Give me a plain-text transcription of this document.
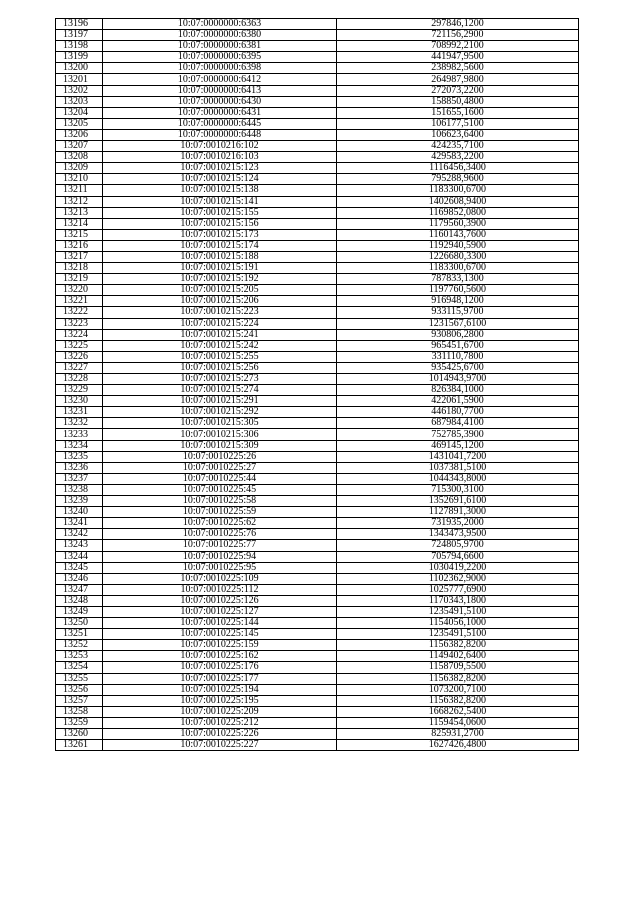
13196	10:07:0000000:6363	297846,1200
13197	10:07:0000000:6380	721156,2900
13198	10:07:0000000:6381	708992,2100
13199	10:07:0000000:6395	441947,9500
13200	10:07:0000000:6398	238982,5600
13201	10:07:0000000:6412	264987,9800
13202	10:07:0000000:6413	272073,2200
13203	10:07:0000000:6430	158850,4800
13204	10:07:0000000:6431	151655,1600
13205	10:07:0000000:6445	106177,5100
13206	10:07:0000000:6448	106623,6400
13207	10:07:0010216:102	424235,7100
13208	10:07:0010216:103	429583,2200
13209	10:07:0010215:123	1116456,3400
13210	10:07:0010215:124	795288,9600
13211	10:07:0010215:138	1183300,6700
13212	10:07:0010215:141	1402608,9400
13213	10:07:0010215:155	1169852,0800
13214	10:07:0010215:156	1179560,3900
13215	10:07:0010215:173	1160143,7600
13216	10:07:0010215:174	1192940,5900
13217	10:07:0010215:188	1226680,3300
13218	10:07:0010215:191	1183300,6700
13219	10:07:0010215:192	787833,1300
13220	10:07:0010215:205	1197760,5600
13221	10:07:0010215:206	916948,1200
13222	10:07:0010215:223	933115,9700
13223	10:07:0010215:224	1231567,6100
13224	10:07:0010215:241	930806,2800
13225	10:07:0010215:242	965451,6700
13226	10:07:0010215:255	331110,7800
13227	10:07:0010215:256	935425,6700
13228	10:07:0010215:273	1014943,9700
13229	10:07:0010215:274	826384,1000
13230	10:07:0010215:291	422061,5900
13231	10:07:0010215:292	446180,7700
13232	10:07:0010215:305	687984,4100
13233	10:07:0010215:306	752785,3900
13234	10:07:0010215:309	469145,1200
13235	10:07:0010225:26	1431041,7200
13236	10:07:0010225:27	1037381,5100
13237	10:07:0010225:44	1044343,8000
13238	10:07:0010225:45	715300,3100
13239	10:07:0010225:58	1352691,6100
13240	10:07:0010225:59	1127891,3000
13241	10:07:0010225:62	731935,2000
13242	10:07:0010225:76	1343473,9500
13243	10:07:0010225:77	724805,9700
13244	10:07:0010225:94	705794,6600
13245	10:07:0010225:95	1030419,2200
13246	10:07:0010225:109	1102362,9000
13247	10:07:0010225:112	1025777,6900
13248	10:07:0010225:126	1170343,1800
13249	10:07:0010225:127	1235491,5100
13250	10:07:0010225:144	1154056,1000
13251	10:07:0010225:145	1235491,5100
13252	10:07:0010225:159	1156382,8200
13253	10:07:0010225:162	1149402,6400
13254	10:07:0010225:176	1158709,5500
13255	10:07:0010225:177	1156382,8200
13256	10:07:0010225:194	1073200,7100
13257	10:07:0010225:195	1156382,8200
13258	10:07:0010225:209	1668262,5400
13259	10:07:0010225:212	1159454,0600
13260	10:07:0010225:226	825931,2700
13261	10:07:0010225:227	1627426,4800
